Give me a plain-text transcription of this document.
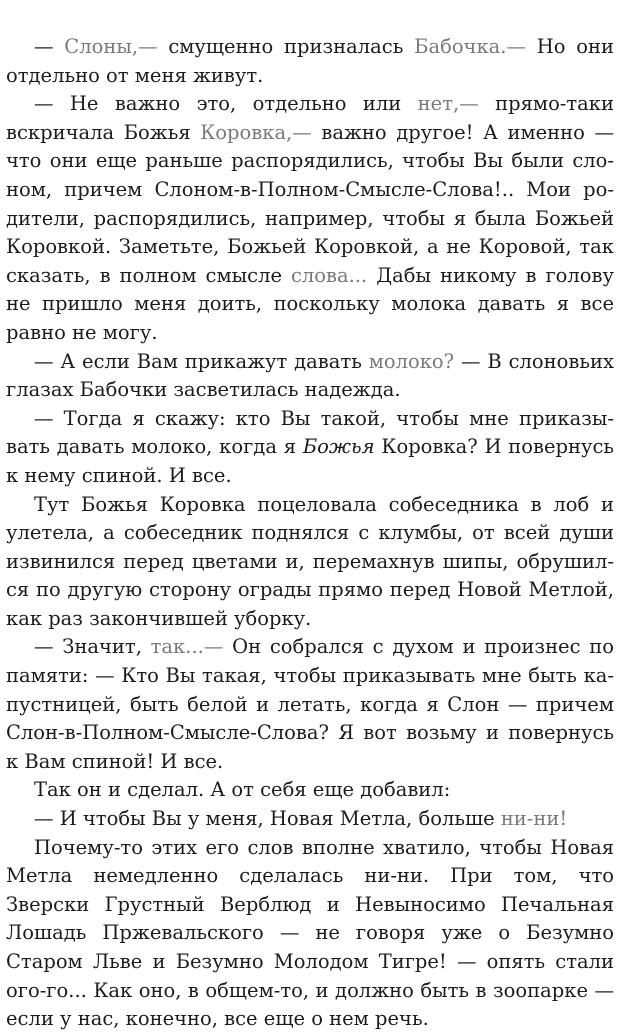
— Слоны,— смущенно призналась Бабочка.— Но они отдельно от меня живут.

— Не важно это, отдельно или нет,— прямо-таки вскричала Божья Коровка,— важно другое! А именно — что они еще раньше распорядились, чтобы Вы были слоном, причем Слоном-в-Полном-Смысле-Слова!.. Мои родители, распорядились, например, чтобы я была Божьей Коровкой. Заметьте, Божьей Коровкой, а не Коровой, так сказать, в полном смысле слова... Дабы никому в голову не пришло меня доить, поскольку молока давать я все равно не могу.

— А если Вам прикажут давать молоко? — В слоновьих глазах Бабочки засветилась надежда.

— Тогда я скажу: кто Вы такой, чтобы мне приказывать давать молоко, когда я Божья Коровка? И повернусь к нему спиной. И все.

Тут Божья Коровка поцеловала собеседника в лоб и улетела, а собеседник поднялся с клумбы, от всей души извинился перед цветами и, перемахнув шипы, обрушился по другую сторону ограды прямо перед Новой Метлой, как раз закончившей уборку.

— Значит, так...— Он собрался с духом и произнес по памяти: — Кто Вы такая, чтобы приказывать мне быть капустницей, быть белой и летать, когда я Слон — причем Слон-в-Полном-Смысле-Слова? Я вот возьму и повернусь к Вам спиной! И все.

Так он и сделал. А от себя еще добавил:

— И чтобы Вы у меня, Новая Метла, больше ни-ни!

Почему-то этих его слов вполне хватило, чтобы Новая Метла немедленно сделалась ни-ни. При том, что Зверски Грустный Верблюд и Невыносимо Печальная Лошадь Пржевальского — не говоря уже о Безумно Старом Льве и Безумно Молодом Тигре! — опять стали ого-го... Как оно, в общем-то, и должно быть в зоопарке — если у нас, конечно, все еще о нем речь.
